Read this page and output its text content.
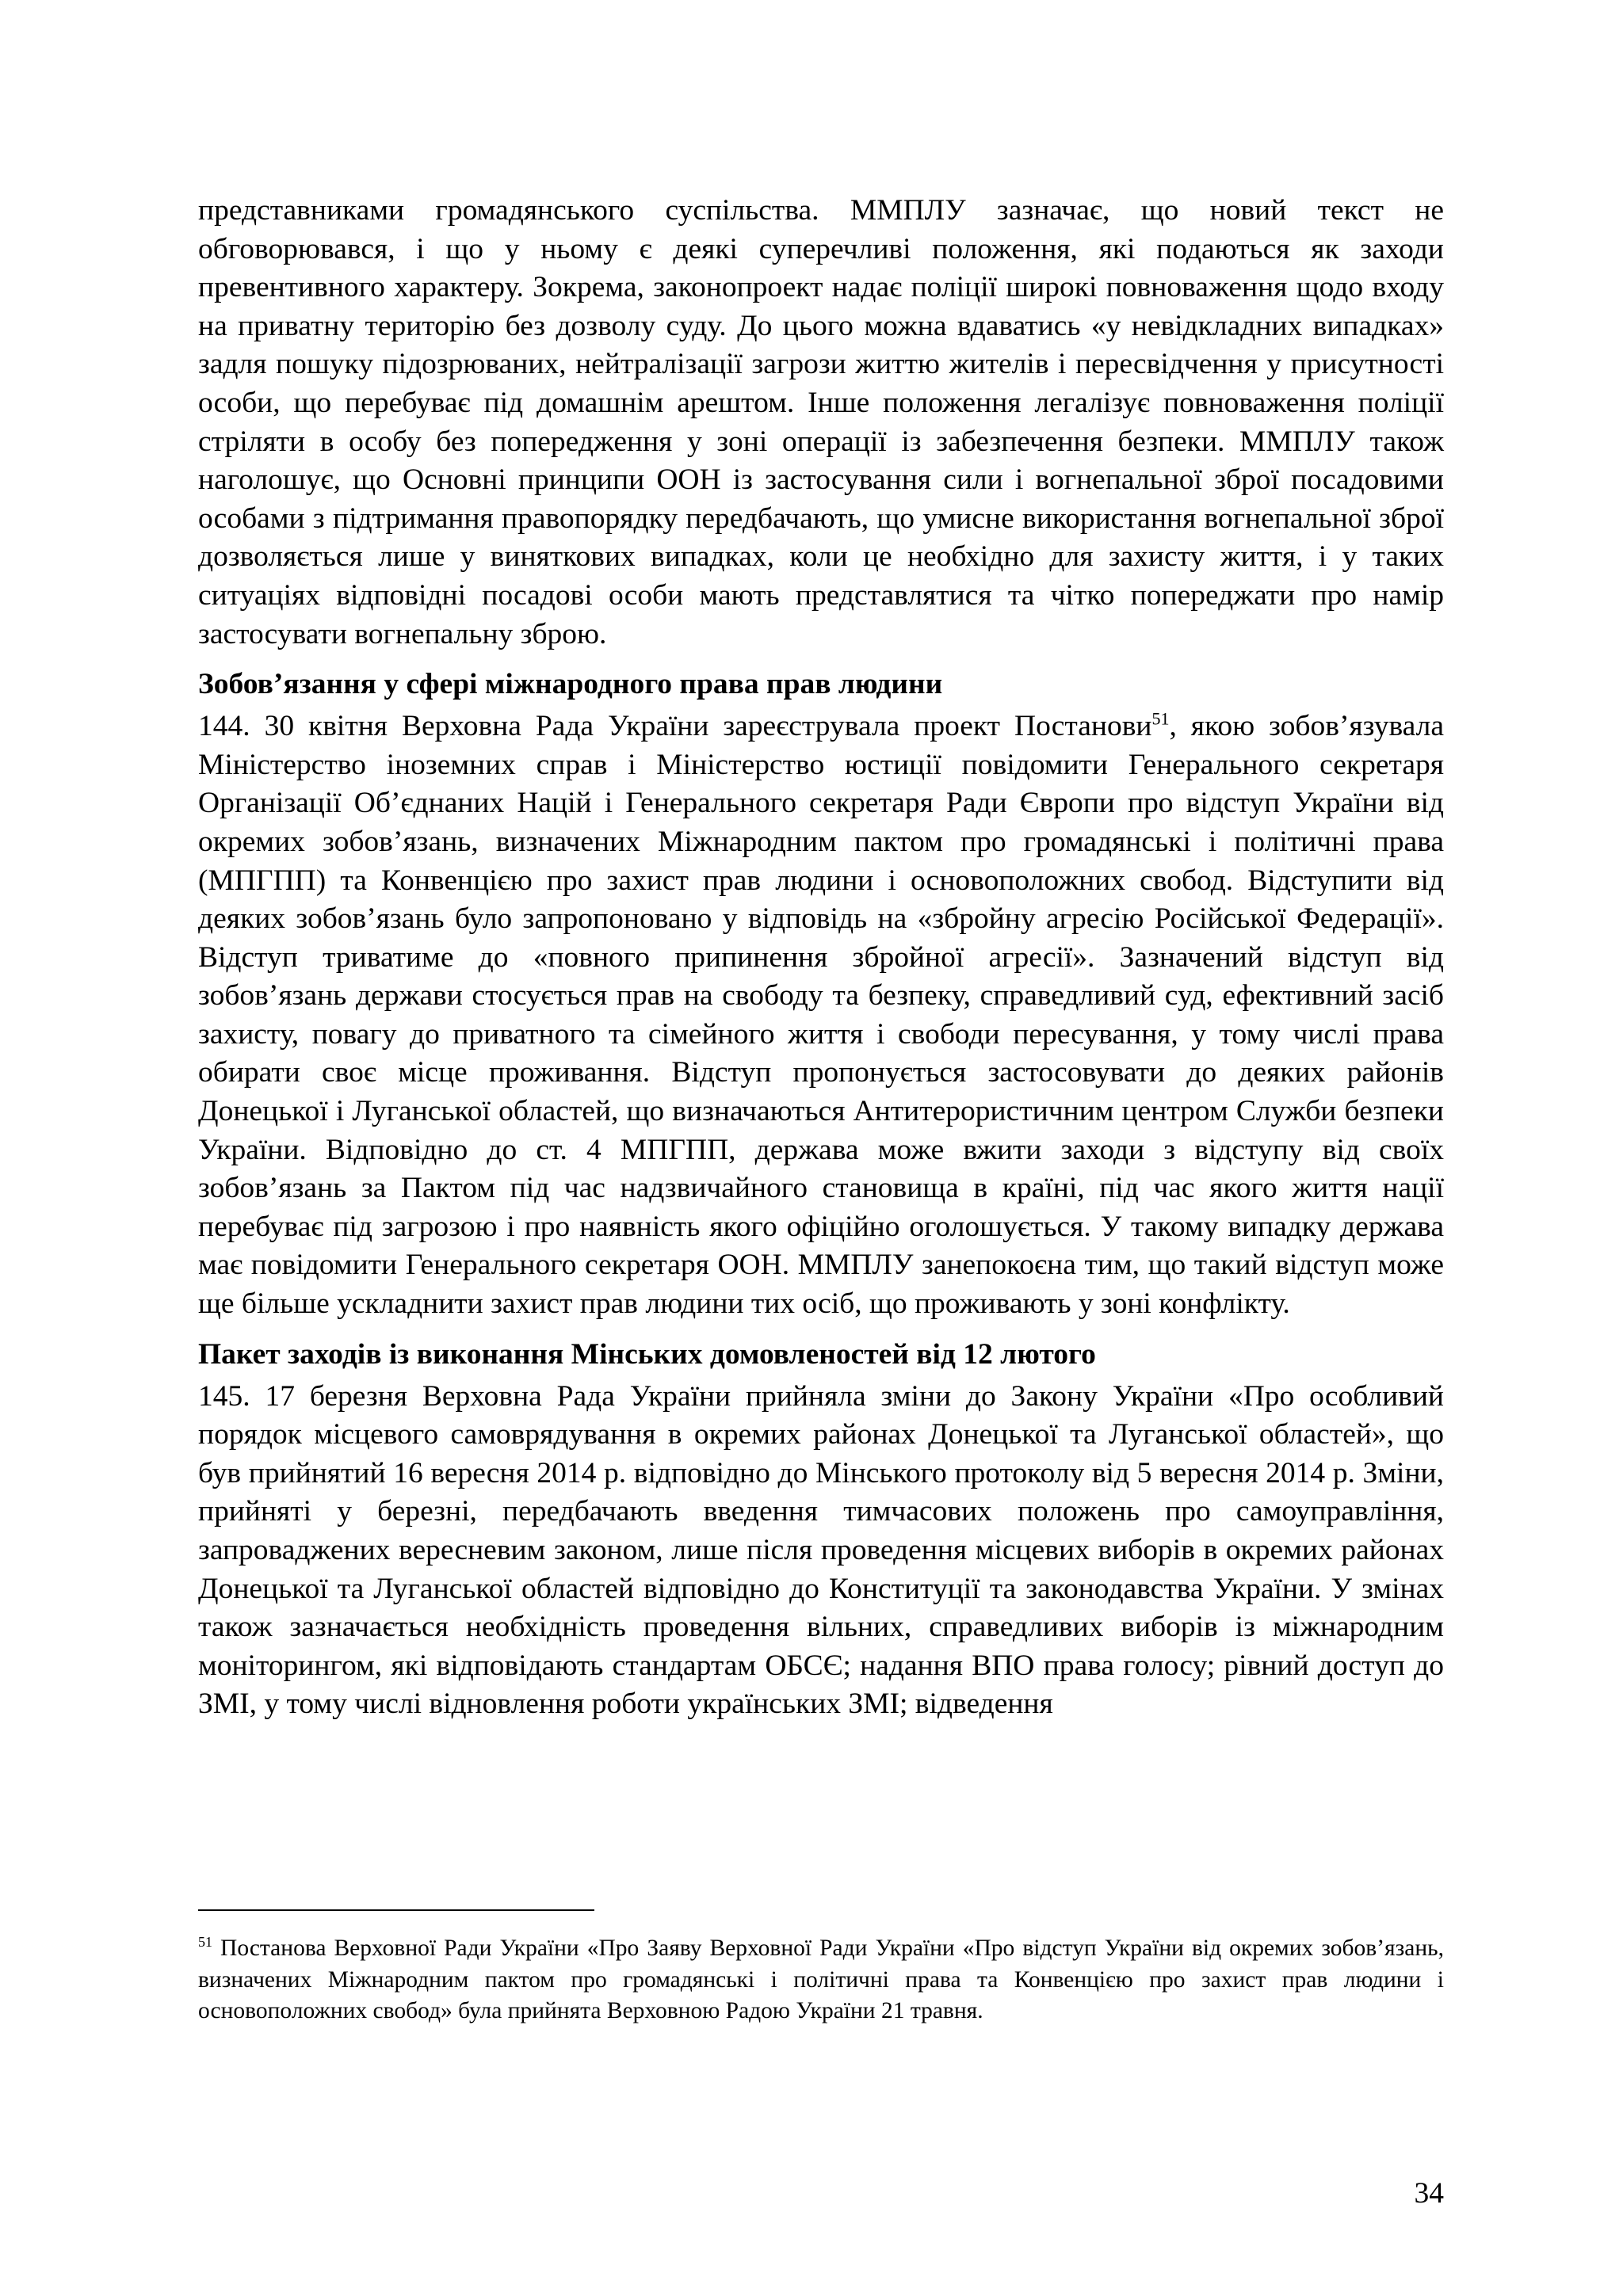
представниками громадянського суспільства. ММПЛУ зазначає, що новий текст не обговорювався, і що у ньому є деякі суперечливі положення, які подаються як заходи превентивного характеру. Зокрема, законопроект надає поліції широкі повноваження щодо входу на приватну територію без дозволу суду. До цього можна вдаватись «у невідкладних випадках» задля пошуку підозрюваних, нейтралізації загрози життю жителів і пересвідчення у присутності особи, що перебуває під домашнім арештом. Інше положення легалізує повноваження поліції стріляти в особу без попередження у зоні операції із забезпечення безпеки. ММПЛУ також наголошує, що Основні принципи ООН із застосування сили і вогнепальної зброї посадовими особами з підтримання правопорядку передбачають, що умисне використання вогнепальної зброї дозволяється лише у виняткових випадках, коли це необхідно для захисту життя, і у таких ситуаціях відповідні посадові особи мають представлятися та чітко попереджати про намір застосувати вогнепальну зброю.

Зобов’язання у сфері міжнародного права прав людини

144. 30 квітня Верховна Рада України зареєструвала проект Постанови$^{51}$, якою зобов’язувала Міністерство іноземних справ і Міністерство юстиції повідомити Генерального секретаря Організації Об’єднаних Націй і Генерального секретаря Ради Європи про відступ України від окремих зобов’язань, визначених Міжнародним пактом про громадянські і політичні права (МПГПП) та Конвенцією про захист прав людини і основоположних свобод. Відступити від деяких зобов’язань було запропоновано у відповідь на «збройну агресію Російської Федерації». Відступ триватиме до «повного припинення збройної агресії». Зазначений відступ від зобов’язань держави стосується прав на свободу та безпеку, справедливий суд, ефективний засіб захисту, повагу до приватного та сімейного життя і свободи пересування, у тому числі права обирати своє місце проживання. Відступ пропонується застосовувати до деяких районів Донецької і Луганської областей, що визначаються Антитерористичним центром Служби безпеки України. Відповідно до ст. 4 МПГПП, держава може вжити заходи з відступу від своїх зобов’язань за Пактом під час надзвичайного становища в країні, під час якого життя нації перебуває під загрозою і про наявність якого офіційно оголошується. У такому випадку держава має повідомити Генерального секретаря ООН. ММПЛУ занепокоєна тим, що такий відступ може ще більше ускладнити захист прав людини тих осіб, що проживають у зоні конфлікту.

Пакет заходів із виконання Мінських домовленостей від 12 лютого

145. 17 березня Верховна Рада України прийняла зміни до Закону України «Про особливий порядок місцевого самоврядування в окремих районах Донецької та Луганської областей», що був прийнятий 16 вересня 2014 р. відповідно до Мінського протоколу від 5 вересня 2014 р. Зміни, прийняті у березні, передбачають введення тимчасових положень про самоуправління, запроваджених вересневим законом, лише після проведення місцевих виборів в окремих районах Донецької та Луганської областей відповідно до Конституції та законодавства України. У змінах також зазначається необхідність проведення вільних, справедливих виборів із міжнародним моніторингом, які відповідають стандартам ОБСЄ; надання ВПО права голосу; рівний доступ до ЗМІ, у тому числі відновлення роботи українських ЗМІ; відведення

$^{51}$ Постанова Верховної Ради України «Про Заяву Верховної Ради України «Про відступ України від окремих зобов’язань, визначених Міжнародним пактом про громадянські і політичні права та Конвенцією про захист прав людини і основоположних свобод» була прийнята Верховною Радою України 21 травня.

34
